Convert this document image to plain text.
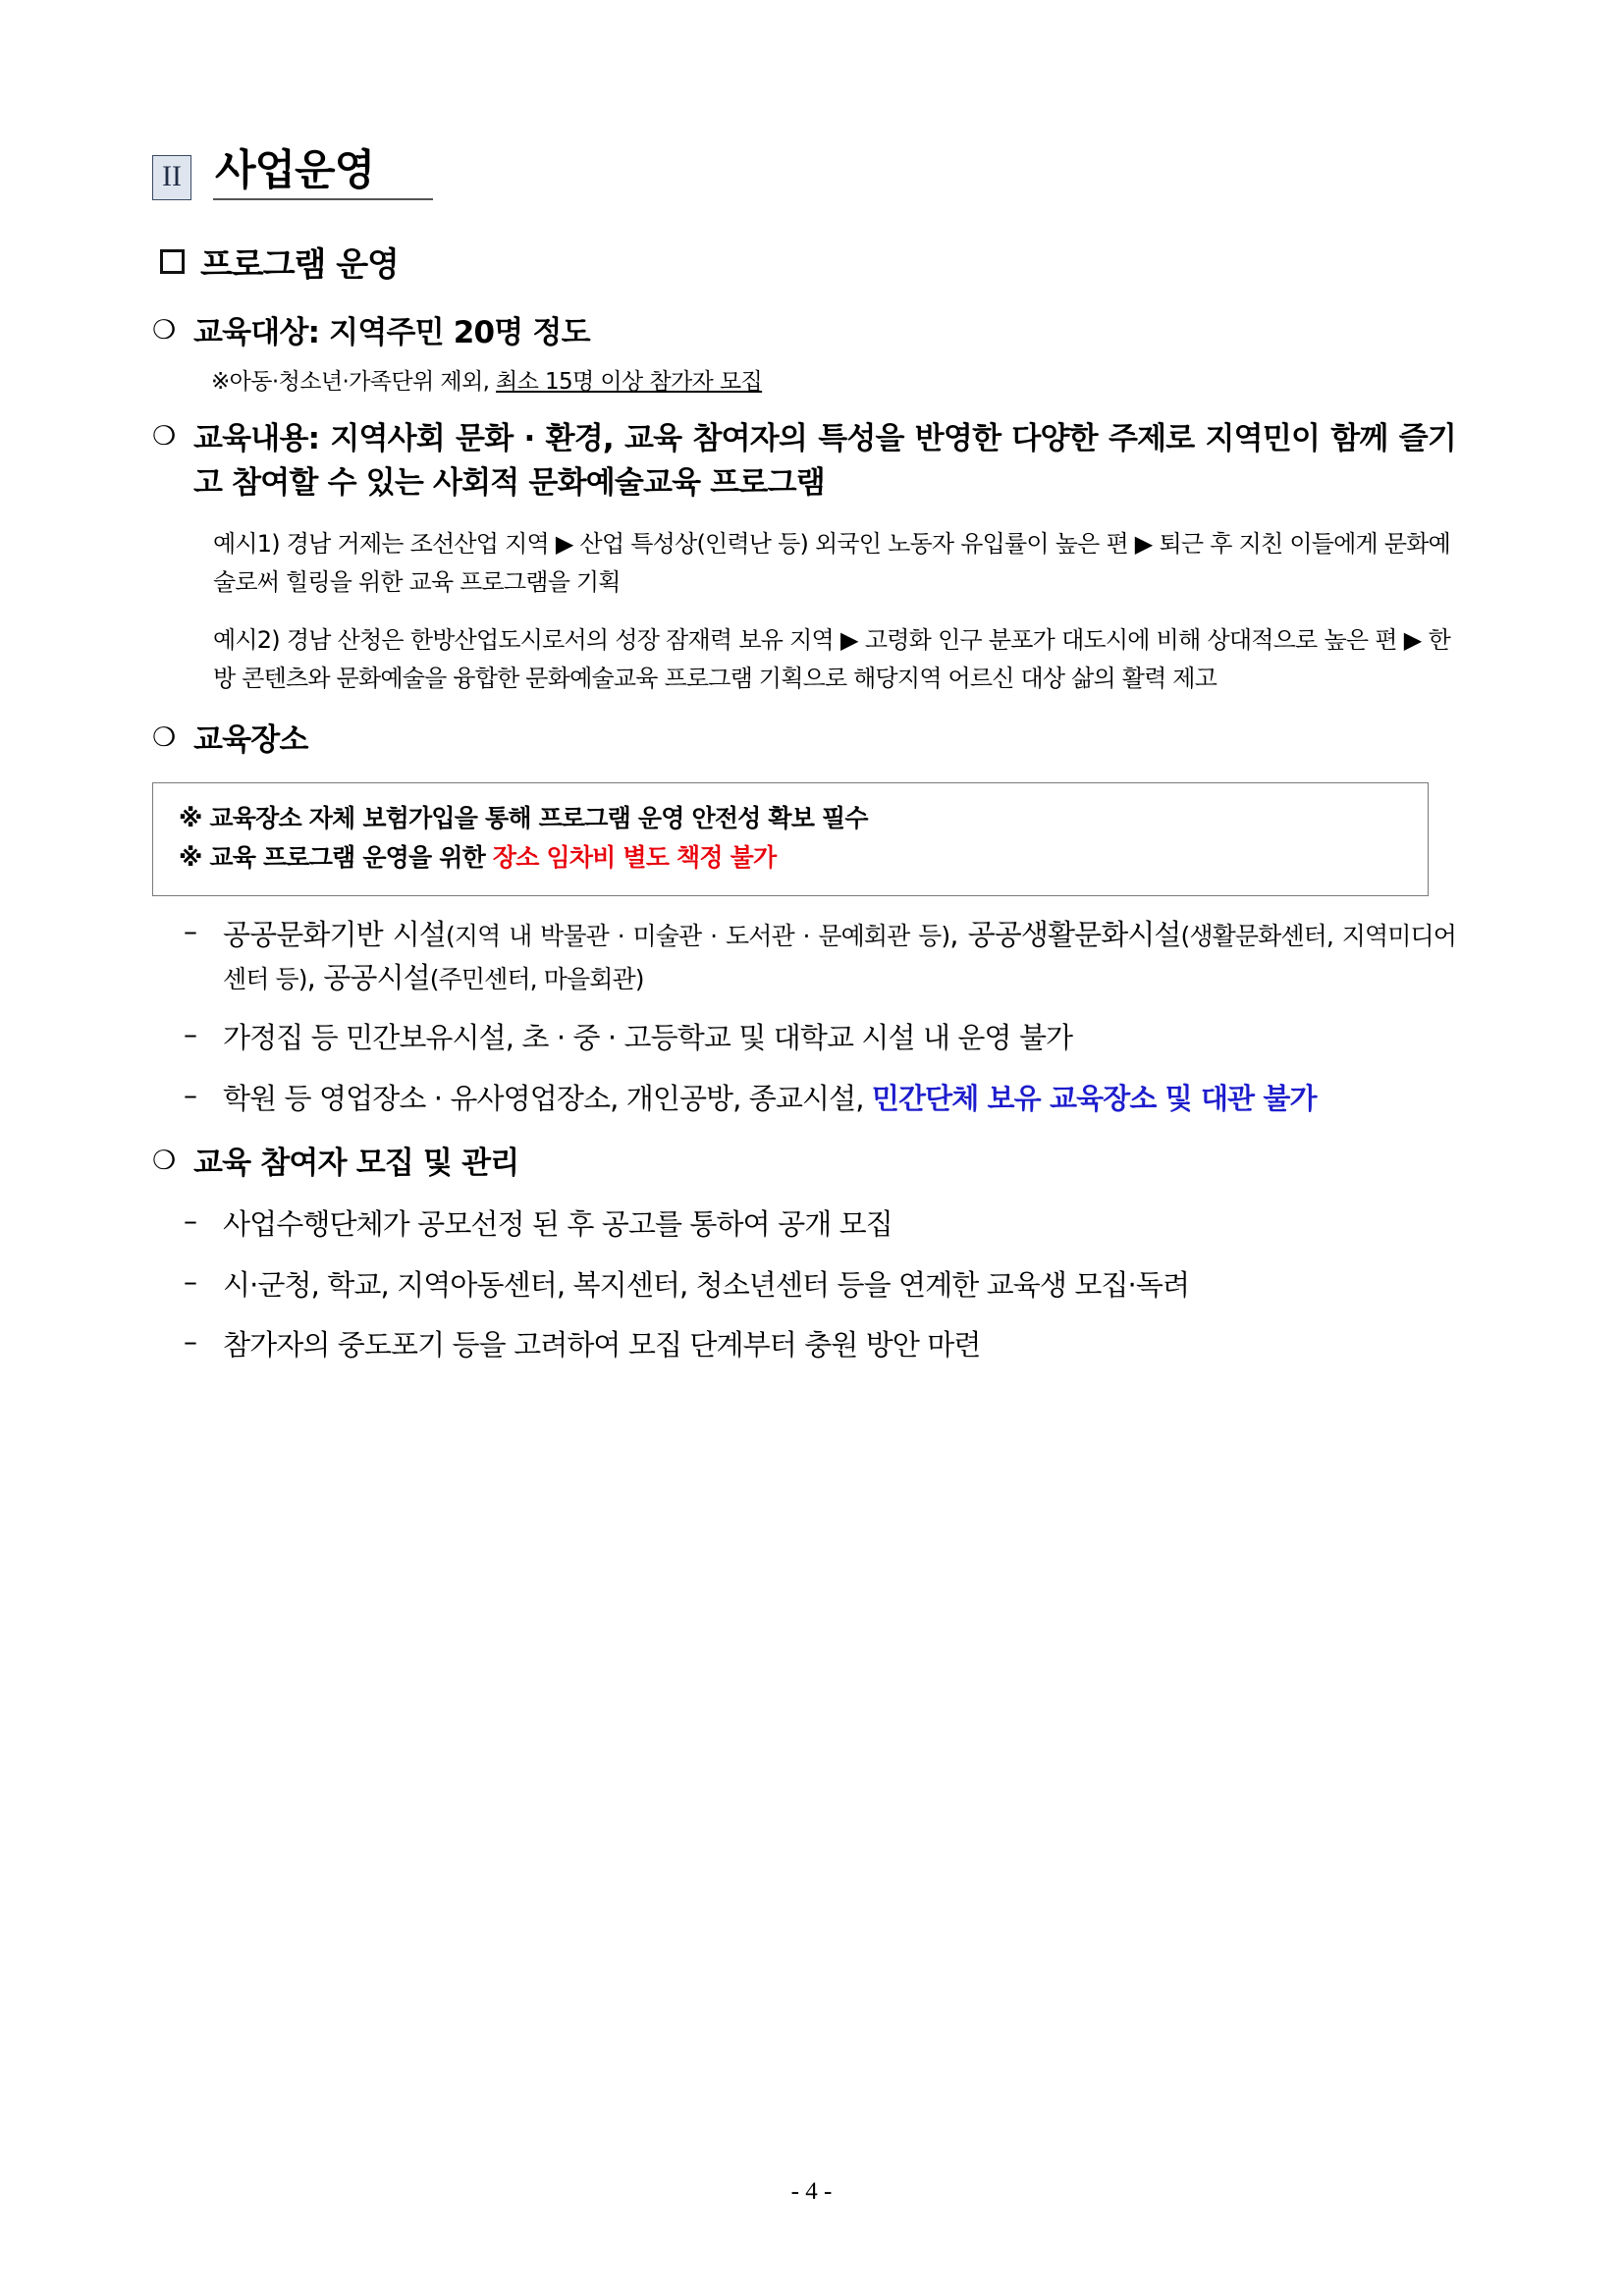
II 사업운영
프로그램 운영
❍ 교육대상: 지역주민 20명 정도
※아동·청소년·가족단위 제외, 최소 15명 이상 참가자 모집
❍ 교육내용: 지역사회 문화 · 환경, 교육 참여자의 특성을 반영한 다양한 주제로 지역민이 함께 즐기고 참여할 수 있는 사회적 문화예술교육 프로그램
예시1) 경남 거제는 조선산업 지역 ▶ 산업 특성상(인력난 등) 외국인 노동자 유입률이 높은 편 ▶ 퇴근 후 지친 이들에게 문화예술로써 힐링을 위한 교육 프로그램을 기획
예시2) 경남 산청은 한방산업도시로서의 성장 잠재력 보유 지역 ▶ 고령화 인구 분포가 대도시에 비해 상대적으로 높은 편 ▶ 한방 콘텐츠와 문화예술을 융합한 문화예술교육 프로그램 기획으로 해당지역 어르신 대상 삶의 활력 제고
❍ 교육장소
※ 교육장소 자체 보험가입을 통해 프로그램 운영 안전성 확보 필수
※ 교육 프로그램 운영을 위한 장소 임차비 별도 책정 불가
– 공공문화기반 시설(지역 내 박물관 · 미술관 · 도서관 · 문예회관 등), 공공생활문화시설(생활문화센터, 지역미디어센터 등), 공공시설(주민센터, 마을회관)
– 가정집 등 민간보유시설, 초 · 중 · 고등학교 및 대학교 시설 내 운영 불가
– 학원 등 영업장소 · 유사영업장소, 개인공방, 종교시설, 민간단체 보유 교육장소 및 대관 불가
❍ 교육 참여자 모집 및 관리
– 사업수행단체가 공모선정 된 후 공고를 통하여 공개 모집
– 시·군청, 학교, 지역아동센터, 복지센터, 청소년센터 등을 연계한 교육생 모집·독려
– 참가자의 중도포기 등을 고려하여 모집 단계부터 충원 방안 마련
- 4 -
